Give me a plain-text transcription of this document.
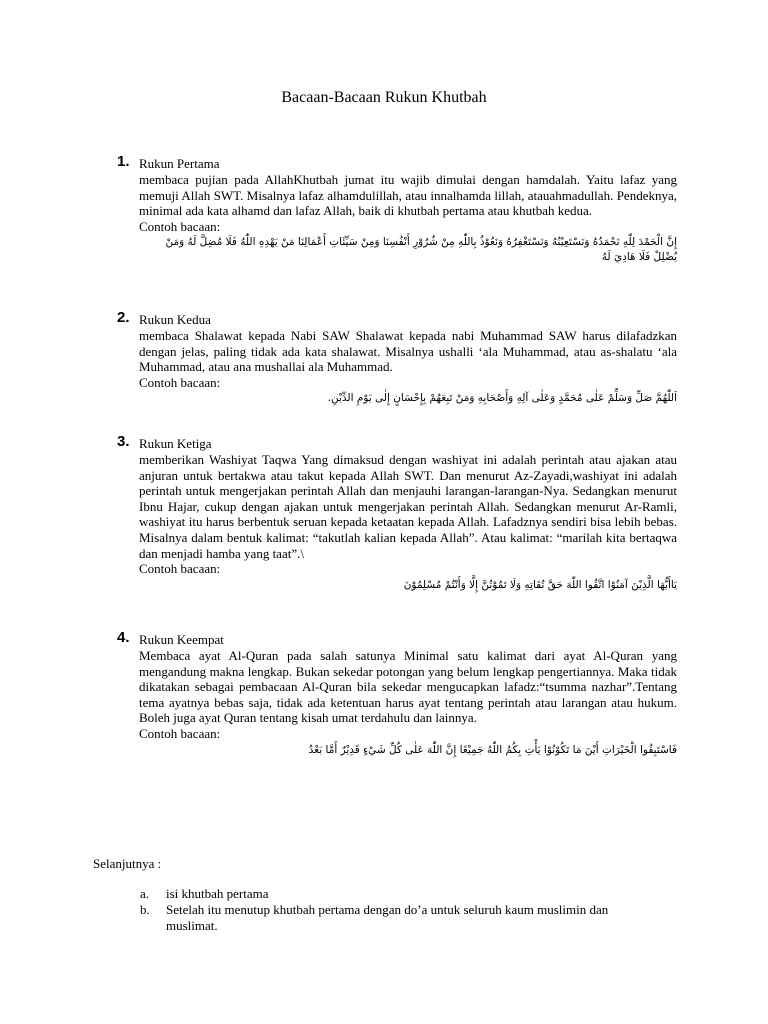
Bacaan-Bacaan Rukun Khutbah
1. Rukun Pertama
membaca pujian pada AllahKhutbah jumat itu wajib dimulai dengan hamdalah. Yaitu lafaz yang memuji Allah SWT. Misalnya lafaz alhamdulillah, atau innalhamda lillah, atauahmadullah. Pendeknya, minimal ada kata alhamd dan lafaz Allah, baik di khutbah pertama atau khutbah kedua.
Contoh bacaan:
إِنَّ الْحَمْدَ لِلّٰهِ نَحْمَدُهُ وَنَسْتَعِيْنُهُ وَنَسْتَغْفِرُهُ وَنَعُوْذُ بِاللّٰهِ مِنْ شُرُوْرِ أَنْفُسِنَا وَمِنْ سَيِّئَاتِ أَعْمَالِنَا مَنْ يَهْدِهِ اللّٰهُ فَلَا مُضِلَّ لَهُ وَمَنْ يُضْلِلْ فَلَا هَادِيَ لَهُ
2. Rukun Kedua
membaca Shalawat kepada Nabi SAW Shalawat kepada nabi Muhammad SAW harus dilafadzkan dengan jelas, paling tidak ada kata shalawat. Misalnya ushalli ‘ala Muhammad, atau as-shalatu ‘ala Muhammad, atau ana mushallai ala Muhammad.
Contoh bacaan:
اَللّٰهُمَّ صَلِّ وَسَلِّمْ عَلٰى مُحَمَّدٍ وَعَلٰى آلِهِ وَأَصْحَابِهِ وَمَنْ تَبِعَهُمْ بِإِحْسَانٍ إِلٰى يَوْمِ الدِّيْنِ.
3. Rukun Ketiga
memberikan Washiyat Taqwa Yang dimaksud dengan washiyat ini adalah perintah atau ajakan atau anjuran untuk bertakwa atau takut kepada Allah SWT. Dan menurut Az-Zayadi,washiyat ini adalah perintah untuk mengerjakan perintah Allah dan menjauhi larangan-larangan-Nya. Sedangkan menurut Ibnu Hajar, cukup dengan ajakan untuk mengerjakan perintah Allah. Sedangkan menurut Ar-Ramli, washiyat itu harus berbentuk seruan kepada ketaatan kepada Allah. Lafadznya sendiri bisa lebih bebas. Misalnya dalam bentuk kalimat: “takutlah kalian kepada Allah”. Atau kalimat: “marilah kita bertaqwa dan menjadi hamba yang taat”.\
Contoh bacaan:
يَاأَيُّهَا الَّذِيْنَ آمَنُوْا اتَّقُوا اللّٰهَ حَقَّ تُقَاتِهِ وَلَا تَمُوْتُنَّ إِلَّا وَأَنْتُمْ مُسْلِمُوْنَ
4. Rukun Keempat
Membaca ayat Al-Quran pada salah satunya Minimal satu kalimat dari ayat Al-Quran yang mengandung makna lengkap. Bukan sekedar potongan yang belum lengkap pengertiannya. Maka tidak dikatakan sebagai pembacaan Al-Quran bila sekedar mengucapkan lafadz:“tsumma nazhar”.Tentang tema ayatnya bebas saja, tidak ada ketentuan harus ayat tentang perintah atau larangan atau hukum. Boleh juga ayat Quran tentang kisah umat terdahulu dan lainnya.
Contoh bacaan:
فَاسْتَبِقُوا الْخَيْرَاتِ أَيْنَ مَا تَكُوْنُوْا يَأْتِ بِكُمُ اللّٰهُ جَمِيْعًا إِنَّ اللّٰهَ عَلٰى كُلِّ شَيْءٍ قَدِيْرٌ أَمَّا بَعْدُ
Selanjutnya :
a. isi khutbah pertama
b. Setelah itu menutup khutbah pertama dengan do’a untuk seluruh kaum muslimin dan muslimat.
